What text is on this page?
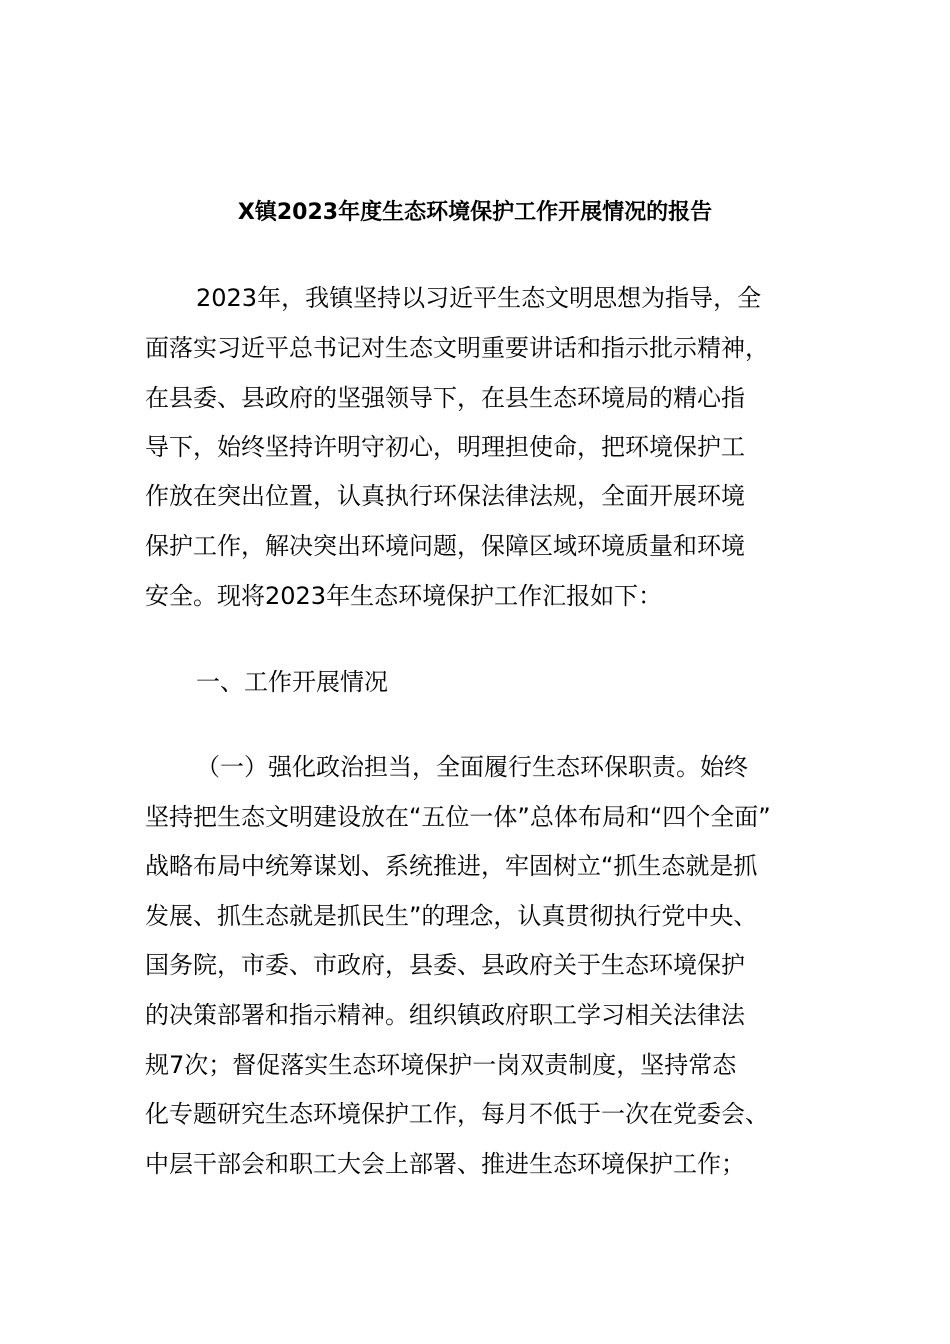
X镇2023年度生态环境保护工作开展情况的报告
2023年，我镇坚持以习近平生态文明思想为指导，全
面落实习近平总书记对生态文明重要讲话和指示批示精神，
在县委、县政府的坚强领导下，在县生态环境局的精心指
导下，始终坚持许明守初心，明理担使命，把环境保护工
作放在突出位置，认真执行环保法律法规，全面开展环境
保护工作，解决突出环境问题，保障区域环境质量和环境
安全。现将2023年生态环境保护工作汇报如下：
一、工作开展情况
（一）强化政治担当，全面履行生态环保职责。始终
坚持把生态文明建设放在“五位一体”总体布局和“四个全面”
战略布局中统筹谋划、系统推进，牢固树立“抓生态就是抓
发展、抓生态就是抓民生”的理念，认真贯彻执行党中央、
国务院，市委、市政府，县委、县政府关于生态环境保护
的决策部署和指示精神。组织镇政府职工学习相关法律法
规7次；督促落实生态环境保护一岗双责制度，坚持常态
化专题研究生态环境保护工作，每月不低于一次在党委会、
中层干部会和职工大会上部署、推进生态环境保护工作；
